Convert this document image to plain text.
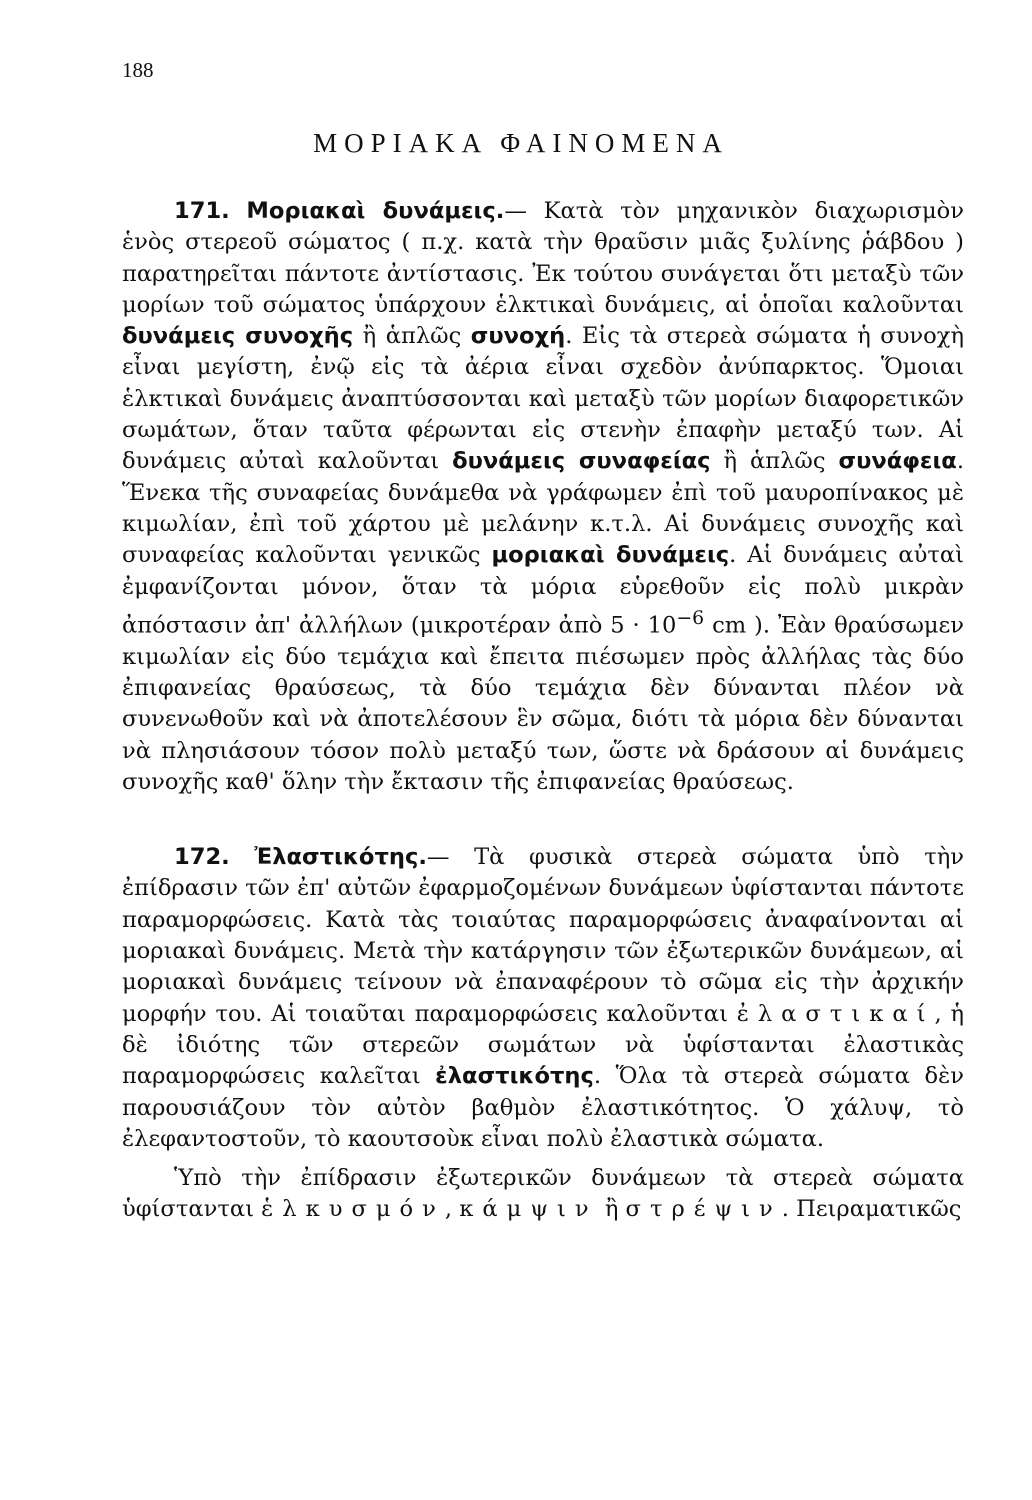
188
ΜΟΡΙΑΚΑ ΦΑΙΝΟΜΕΝΑ

171. Μοριακαὶ δυνάμεις.— Κατὰ τὸν μηχανικὸν διαχωρισμὸν ἑνὸς στερεοῦ σώματος ( π.χ. κατὰ τὴν θραῦσιν μιᾶς ξυλίνης ῥάβδου ) παρατηρεῖται πάντοτε ἀντίστασις. Ἐκ τούτου συνάγεται ὅτι μεταξὺ τῶν μορίων τοῦ σώματος ὑπάρχουν ἑλκτικαὶ δυνάμεις, αἱ ὁποῖαι καλοῦνται δυνάμεις συνοχῆς ἢ ἁπλῶς συνοχή. Εἰς τὰ στερεὰ σώματα ἡ συνοχὴ εἶναι μεγίστη, ἐνῷ εἰς τὰ ἀέρια εἶναι σχεδὸν ἀνύπαρκτος. Ὅμοιαι ἑλκτικαὶ δυνάμεις ἀναπτύσσονται καὶ μεταξὺ τῶν μορίων διαφορετικῶν σωμάτων, ὅταν ταῦτα φέρωνται εἰς στενὴν ἐπαφὴν μεταξύ των. Αἱ δυνάμεις αὐταὶ καλοῦνται δυνάμεις συναφείας ἢ ἁπλῶς συνάφεια. Ἕνεκα τῆς συναφείας δυνάμεθα νὰ γράφωμεν ἐπὶ τοῦ μαυροπίνακος μὲ κιμωλίαν, ἐπὶ τοῦ χάρτου μὲ μελάνην κ.τ.λ. Αἱ δυνάμεις συνοχῆς καὶ συναφείας καλοῦνται γενικῶς μοριακαὶ δυνάμεις. Αἱ δυνάμεις αὐταὶ ἐμφανίζονται μόνον, ὅταν τὰ μόρια εὑρεθοῦν εἰς πολὺ μικρὰν ἀπόστασιν ἀπ' ἀλλήλων (μικροτέραν ἀπὸ $5 \cdot 10^{-6}$ cm ). Ἐὰν θραύσωμεν κιμωλίαν εἰς δύο τεμάχια καὶ ἔπειτα πιέσωμεν πρὸς ἀλλήλας τὰς δύο ἐπιφανείας θραύσεως, τὰ δύο τεμάχια δὲν δύνανται πλέον νὰ συνενωθοῦν καὶ νὰ ἀποτελέσουν ἓν σῶμα, διότι τὰ μόρια δὲν δύνανται νὰ πλησιάσουν τόσον πολὺ μεταξύ των, ὥστε νὰ δράσουν αἱ δυνάμεις συνοχῆς καθ' ὅλην τὴν ἔκτασιν τῆς ἐπιφανείας θραύσεως.

172. Ἐλαστικότης.— Τὰ φυσικὰ στερεὰ σώματα ὑπὸ τὴν ἐπίδρασιν τῶν ἐπ' αὐτῶν ἐφαρμοζομένων δυνάμεων ὑφίστανται πάντοτε παραμορφώσεις. Κατὰ τὰς τοιαύτας παραμορφώσεις ἀναφαίνονται αἱ μοριακαὶ δυνάμεις. Μετὰ τὴν κατάργησιν τῶν ἐξωτερικῶν δυνάμεων, αἱ μοριακαὶ δυνάμεις τείνουν νὰ ἐπαναφέρουν τὸ σῶμα εἰς τὴν ἀρχικήν μορφήν του. Αἱ τοιαῦται παραμορφώσεις καλοῦνται ἐλαστικαί, ἡ δὲ ἰδιότης τῶν στερεῶν σωμάτων νὰ ὑφίστανται ἐλαστικὰς παραμορφώσεις καλεῖται ἐλαστικότης. Ὅλα τὰ στερεὰ σώματα δὲν παρουσιάζουν τὸν αὐτὸν βαθμὸν ἐλαστικότητος. Ὁ χάλυψ, τὸ ἐλεφαντοστοῦν, τὸ καουτσοὺκ εἶναι πολὺ ἐλαστικὰ σώματα.

Ὑπὸ τὴν ἐπίδρασιν ἐξωτερικῶν δυνάμεων τὰ στερεὰ σώματα ὑφίστανται ἑλκυσμόν, κάμψιν ἢ στρέψιν. Πειραματικῶς
